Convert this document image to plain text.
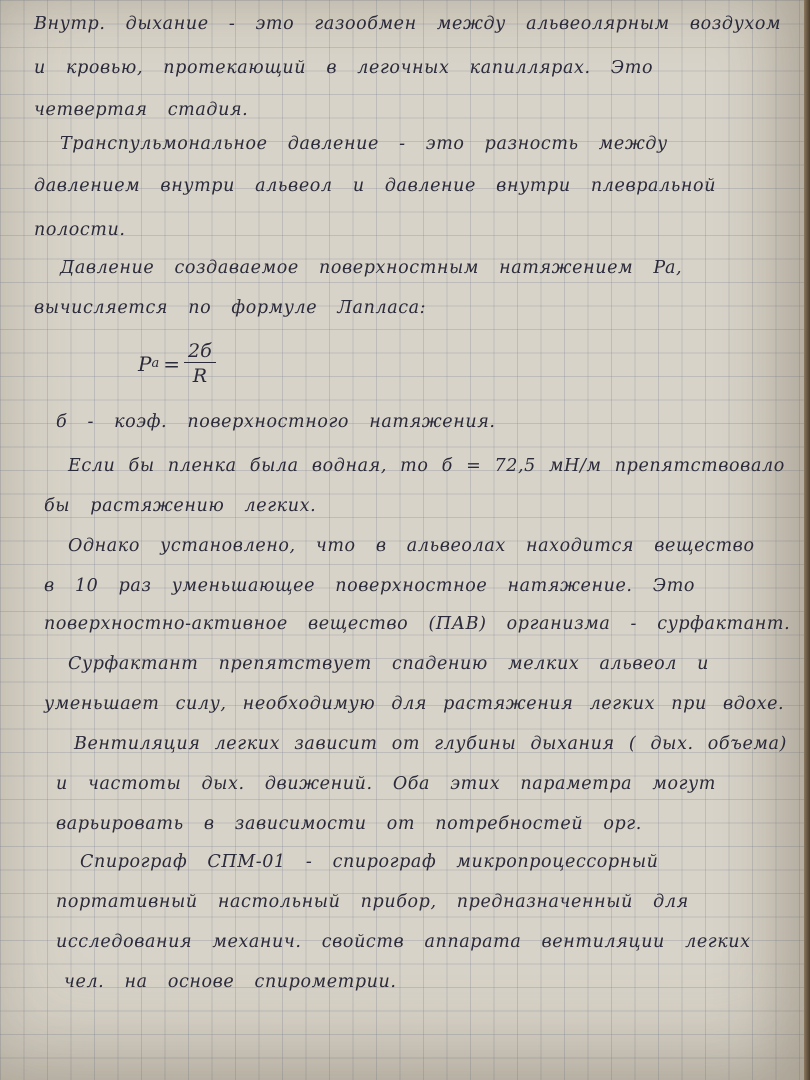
Внутр. дыхание - это газообмен между альвеолярным воздухом
и кровью, протекающий в легочных капиллярах. Это
четвертая стадия.
Транспульмональное давление - это разность между
давлением внутри альвеол и давление внутри плевральной
полости.
Давление создаваемое поверхностным натяжением Pa,
вычисляется по формуле Лапласа:
P $a = \frac{2б}{R}$
б - коэф. поверхностного натяжения.
Если бы пленка была водная, то б = 72,5 мН/м препятствовало
бы растяжению легких.
Однако установлено, что в альвеолах находится вещество
в 10 раз уменьшающее поверхностное натяжение. Это
поверхностно-активное вещество (ПАВ) организма - сурфактант.
Сурфактант препятствует спадению мелких альвеол и
уменьшает силу, необходимую для растяжения легких при вдохе.
Вентиляция легких зависит от глубины дыхания ( дых. объема)
и частоты дых. движений. Оба этих параметра могут
варьировать в зависимости от потребностей орг.
Спирограф СПМ-01 - спирограф микропроцессорный
портативный настольный прибор, предназначенный для
исследования механич. свойств аппарата вентиляции легких
чел. на основе спирометрии.
